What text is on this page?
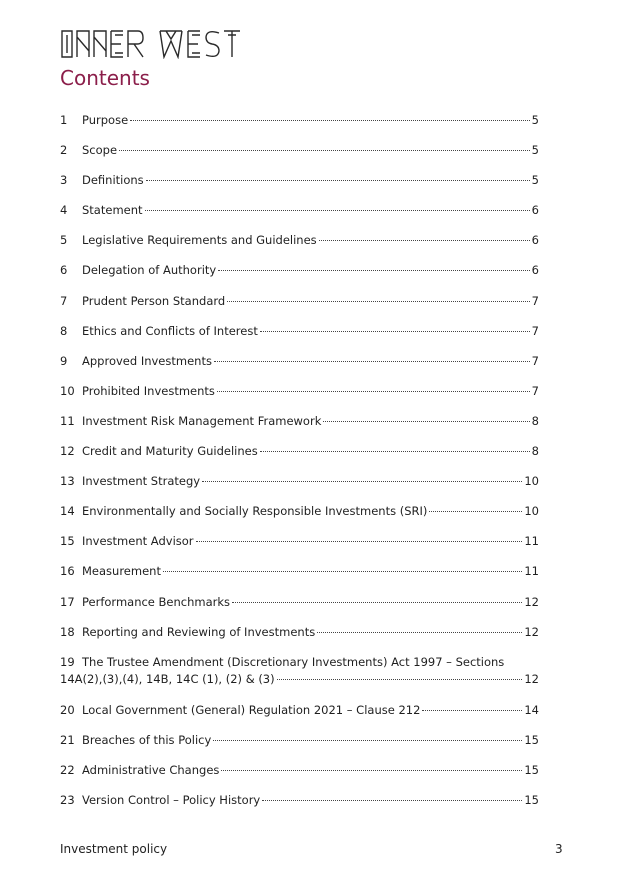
Contents
1	Purpose	5
2	Scope	5
3	Definitions	5
4	Statement	6
5	Legislative Requirements and Guidelines	6
6	Delegation of Authority	6
7	Prudent Person Standard	7
8	Ethics and Conflicts of Interest	7
9	Approved Investments	7
10 Prohibited Investments	7
11 Investment Risk Management Framework	8
12 Credit and Maturity Guidelines	8
13 Investment Strategy	10
14 Environmentally and Socially Responsible Investments (SRI)	10
15 Investment Advisor	11
16 Measurement	11
17 Performance Benchmarks	12
18 Reporting and Reviewing of Investments	12
19 The Trustee Amendment (Discretionary Investments) Act 1997 – Sections
14A(2),(3),(4), 14B, 14C (1), (2) & (3)	12
20 Local Government (General) Regulation 2021 – Clause 212	14
21 Breaches of this Policy	15
22 Administrative Changes	15
23 Version Control – Policy History	15
Investment policy	3
